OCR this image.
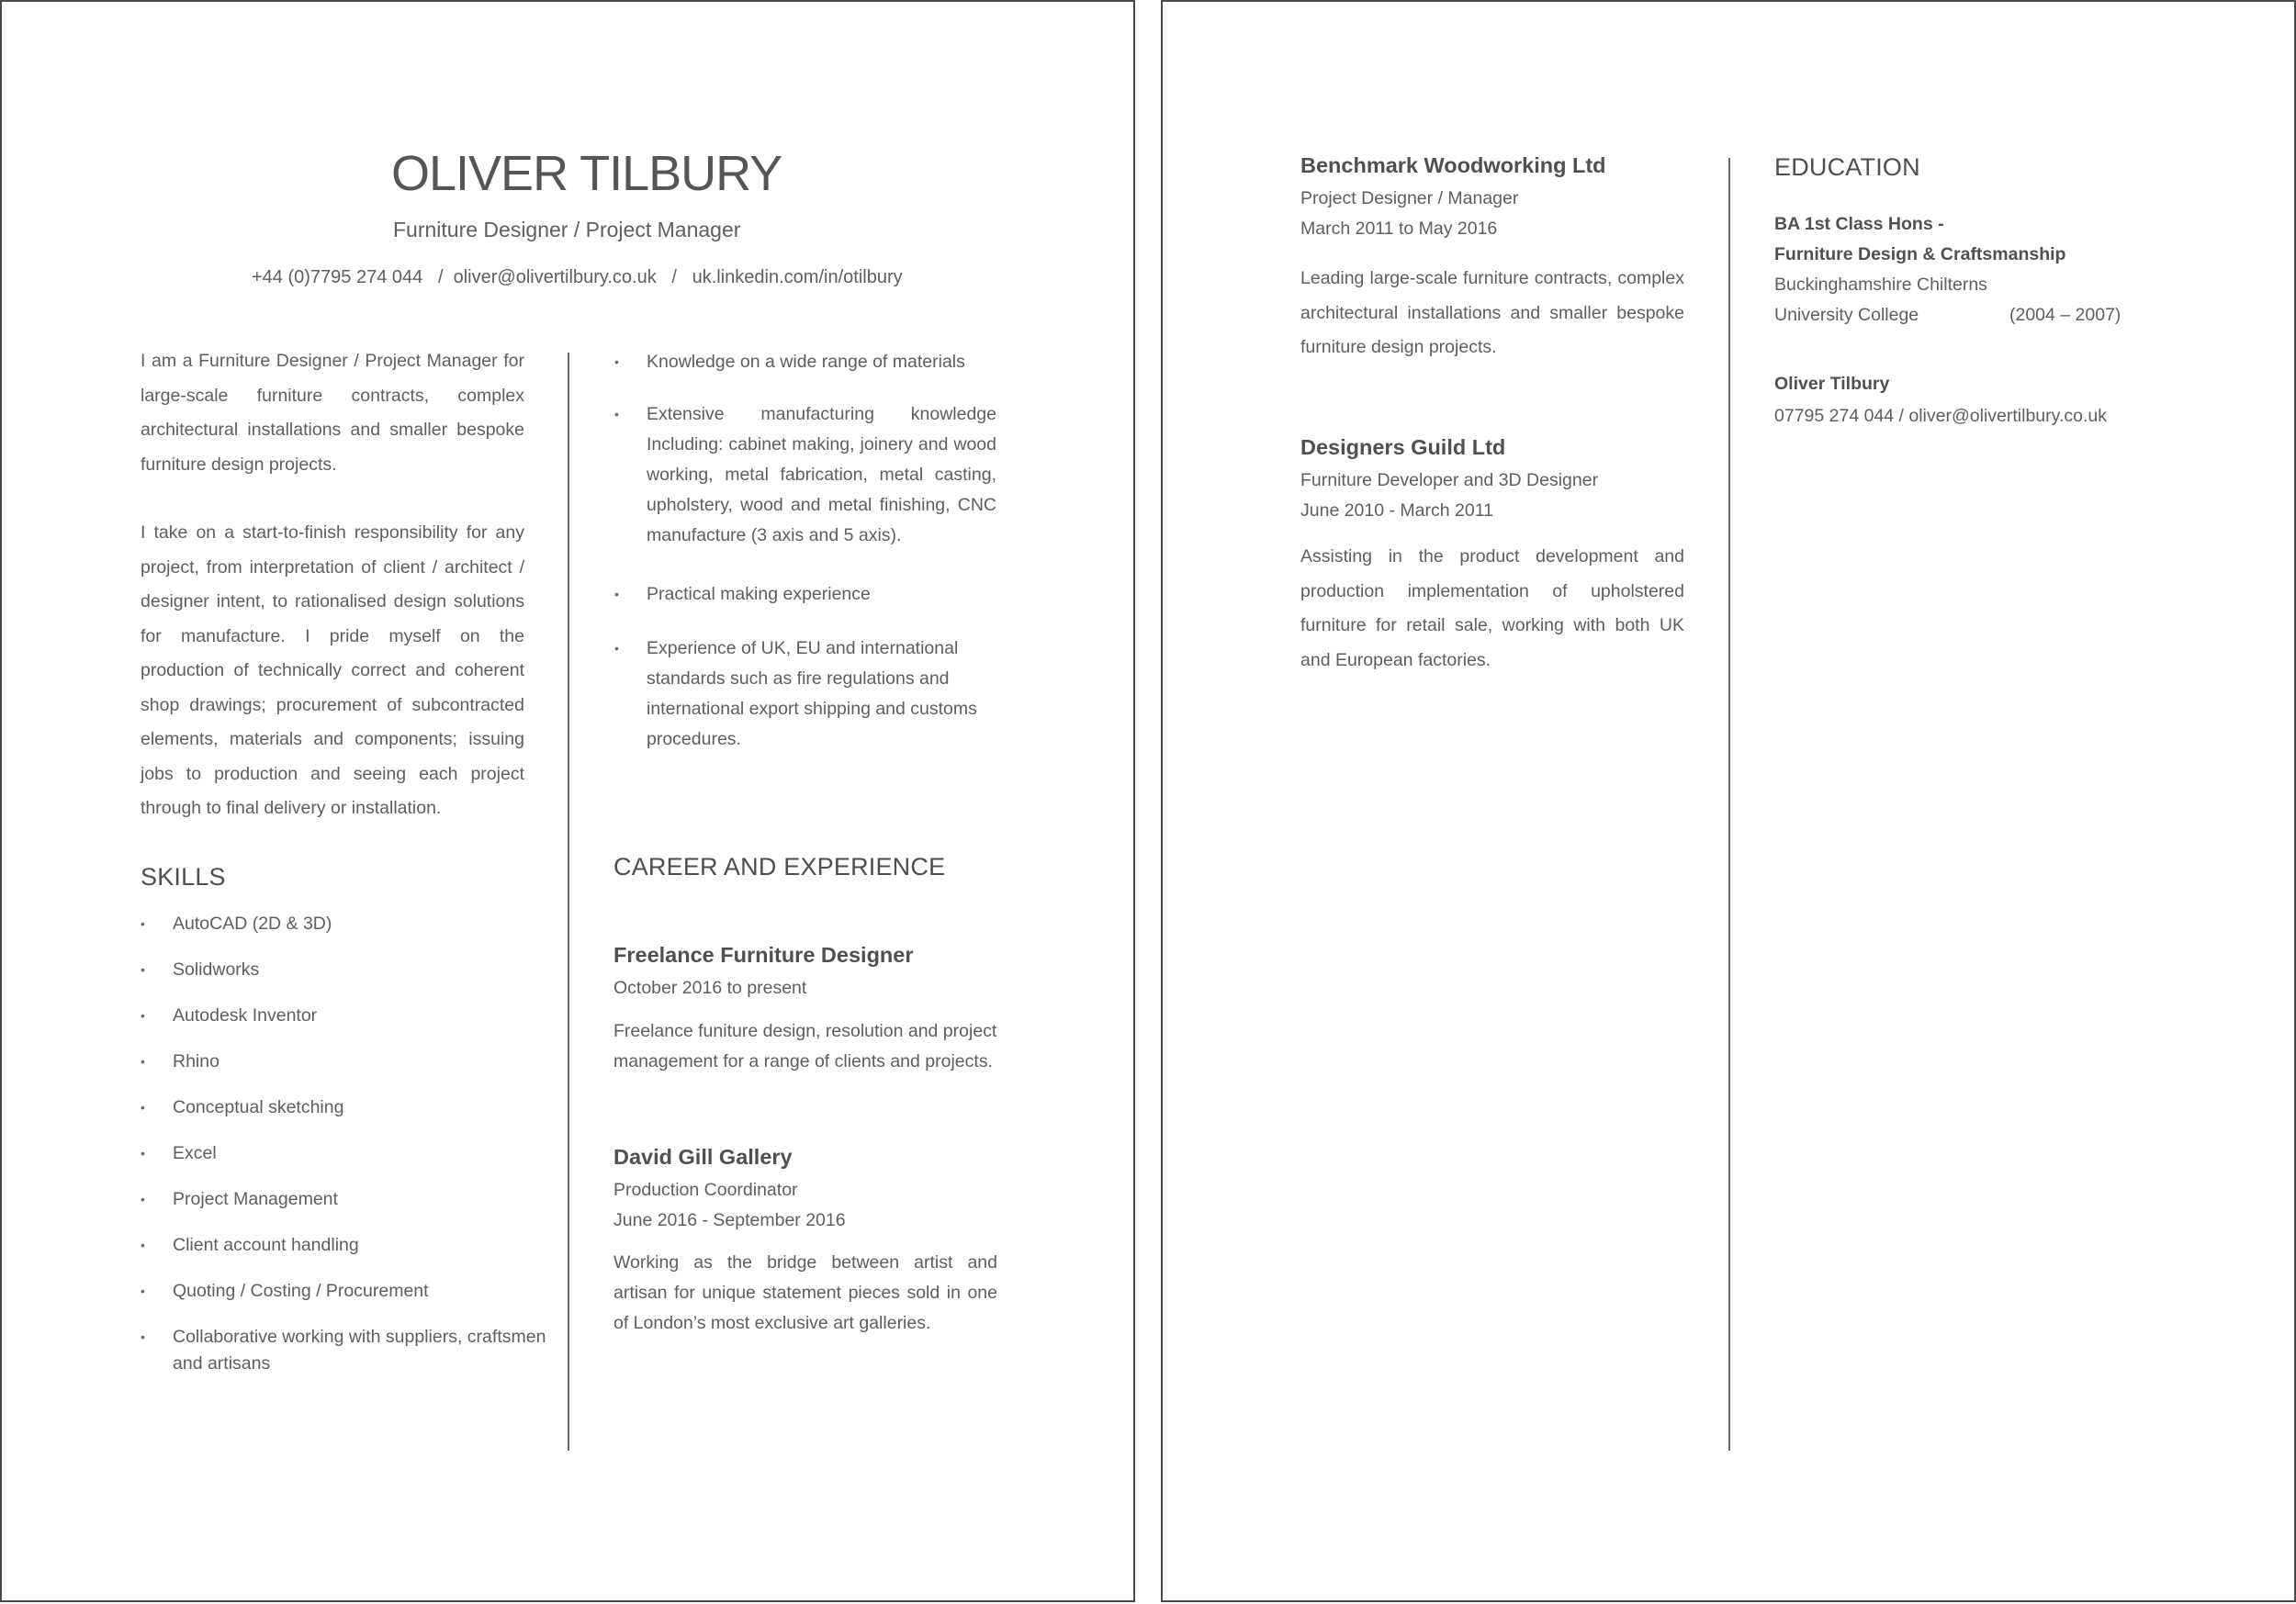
OLIVER TILBURY
Furniture Designer / Project Manager
+44 (0)7795 274 044   /  oliver@olivertilbury.co.uk   /   uk.linkedin.com/in/otilbury
I am a Furniture Designer / Project Manager for large-scale furniture contracts, complex architectural installations and smaller bespoke furniture design projects.
I take on a start-to-finish responsibility for any project, from interpretation of client / architect / designer intent, to rationalised design solutions for manufacture. I pride myself on the production of technically correct and coherent shop drawings; procurement of subcontracted elements, materials and components; issuing jobs to production and seeing each project through to final delivery or installation.
SKILLS
• AutoCAD (2D & 3D)
• Solidworks
• Autodesk Inventor
• Rhino
• Conceptual sketching
• Excel
• Project Management
• Client account handling
• Quoting / Costing / Procurement
• Collaborative working with suppliers, craftsmen and artisans
• Knowledge on a wide range of materials
• Extensive manufacturing knowledge Including: cabinet making, joinery and wood working, metal fabrication, metal casting, upholstery, wood and metal finishing, CNC manufacture (3 axis and 5 axis).
• Practical making experience
• Experience of UK, EU and international standards such as fire regulations and international export shipping and customs procedures.
CAREER AND EXPERIENCE
Freelance Furniture Designer
October 2016 to present
Freelance funiture design, resolution and project management for a range of clients and projects.
David Gill Gallery
Production Coordinator
June 2016 - September 2016
Working as the bridge between artist and artisan for unique statement pieces sold in one of London’s most exclusive art galleries.
Benchmark Woodworking Ltd
Project Designer / Manager
March 2011 to May 2016
Leading large-scale furniture contracts, complex architectural installations and smaller bespoke furniture design projects.
Designers Guild Ltd
Furniture Developer and 3D Designer
June 2010 - March 2011
Assisting in the product development and production implementation of upholstered furniture for retail sale, working with both UK and European factories.
EDUCATION
BA 1st Class Hons -
Furniture Design & Craftsmanship
Buckinghamshire Chilterns
University College	(2004 – 2007)
Oliver Tilbury
07795 274 044 / oliver@olivertilbury.co.uk
